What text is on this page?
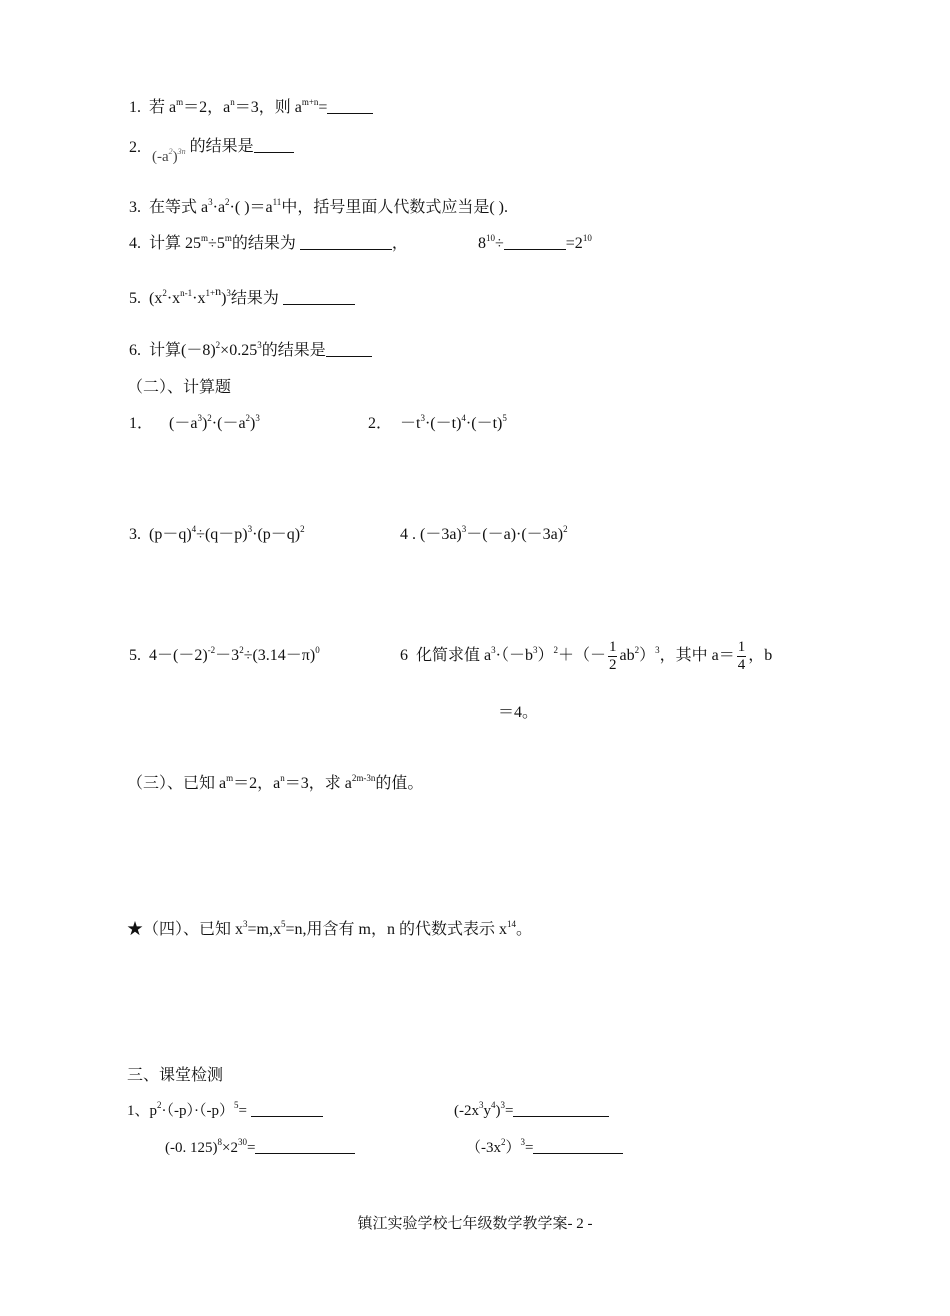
1. 若 $a^m=2$，$a^n=3$，则 $a^{m+n}=$
2.
$(-a^2)^{3n}$ 的结果是
3. 在等式 $a^3\cdot a^2\cdot$( )$=a^{11}$中，括号里面人代数式应当是( ).
4. 计算 $25^m\div 5^m$的结果为	，	$8^{10}\div$	$=2^{10}$
5. $(x^2\cdot x^{n-1}\cdot x^{1+n})^3$结果为
6. 计算$(-8)^2\times 0.25^3$的结果是
（二）、计算题
1． $(-a^3)^2\cdot(-a^2)^3$	2． $-t^3\cdot(-t)^4\cdot(-t)^5$
3. $(p-q)^4\div(q-p)^3\cdot(p-q)^2$	4 . $(-3a)^3-(-a)\cdot(-3a)^2$
5. $4-(-2)^{-2}-3^2\div(3.14-\pi)^0$	6 化简求值 $a^3\cdot(-b^3)^2+(- \frac{1}{2} ab^2)^3$，其中 $a= \frac{1}{4}$ ，b
＝4。
（三）、已知 $a^m=2$，$a^n=3$，求 $a^{2m-3n}$的值。
★（四）、已知 $x^3=m,x^5=n$,用含有 m，n 的代数式表示 $x^{14}$。
三、课堂检测
1、$p^2\cdot(-p)\cdot(-p)^5=$	$(-2x^3y^4)^3=$
(-0. $125)^8\times 2^{30}=$	$(-3x^2)^3=$
镇江实验学校七年级数学教学案- 2 -
